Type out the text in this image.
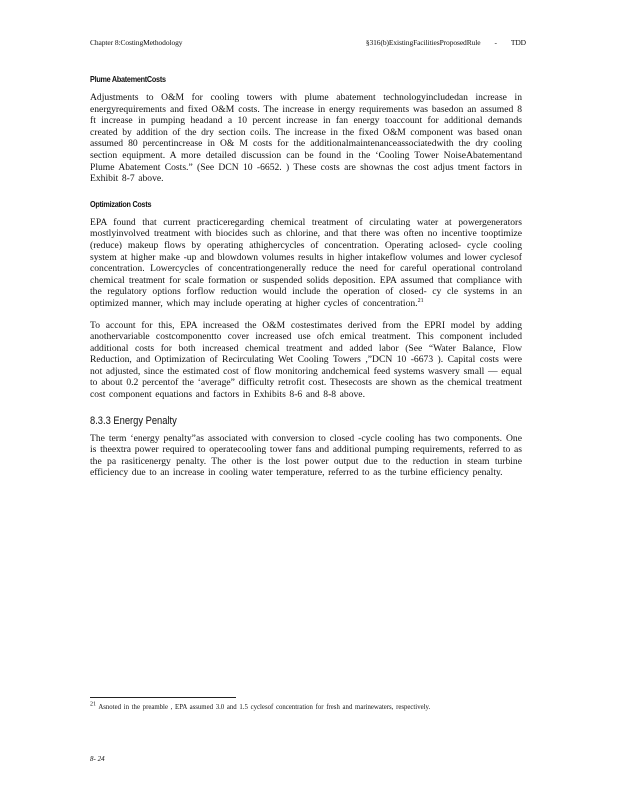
Chapter 8:CostingMethodology	§316(b)ExistingFacilitiesProposedRule - TDD
Plume AbatementCosts

Adjustments to O&M for cooling towers with plume abatement technologyincludedan increase in energyrequirements and fixed O&M costs. The increase in energy requirements was basedon an assumed 8 ft increase in pumping headand a 10 percent increase in fan energy toaccount for additional demands created by addition of the dry section coils. The increase in the fixed O&M component was based onan assumed 80 percentincrease in O& M costs for the additionalmaintenanceassociatedwith the dry cooling section equipment. A more detailed discussion can be found in the ‘Cooling Tower NoiseAbatementand Plume Abatement Costs.” (See DCN 10 -6652. ) These costs are shownas the cost adjus tment factors in Exhibit 8-7 above.

Optimization Costs

EPA found that current practiceregarding chemical treatment of circulating water at powergenerators mostlyinvolved treatment with biocides such as chlorine, and that there was often no incentive tooptimize (reduce) makeup flows by operating athighercycles of concentration. Operating aclosed- cycle cooling system at higher make -up and blowdown volumes results in higher intakeflow volumes and lower cyclesof concentration. Lowercycles of concentrationgenerally reduce the need for careful operational controland chemical treatment for scale formation or suspended solids deposition. EPA assumed that compliance with the regulatory options forflow reduction would include the operation of closed- cy cle systems in an optimized manner, which may include operating at higher cycles of concentration.$^{21}$

To account for this, EPA increased the O&M costestimates derived from the EPRI model by adding anothervariable costcomponentto cover increased use ofch emical treatment. This component included additional costs for both increased chemical treatment and added labor (See “Water Balance, Flow Reduction, and Optimization of Recirculating Wet Cooling Towers ,”DCN 10 -6673 ). Capital costs were not adjusted, since the estimated cost of flow monitoring andchemical feed systems wasvery small — equal to about 0.2 percentof the ‘average” difficulty retrofit cost. Thesecosts are shown as the chemical treatment cost component equations and factors in Exhibits 8-6 and 8-8 above.

8.3.3 Energy Penalty

The term ‘energy penalty”as associated with conversion to closed -cycle cooling has two components. One is theextra power required to operatecooling tower fans and additional pumping requirements, referred to as the pa rasiticenergy penalty. The other is the lost power output due to the reduction in steam turbine efficiency due to an increase in cooling water temperature, referred to as the turbine efficiency penalty.

$^{21}$ Asnoted in the preamble , EPA assumed 3.0 and 1.5 cyclesof concentration for fresh and marinewaters, respectively.
8- 24
